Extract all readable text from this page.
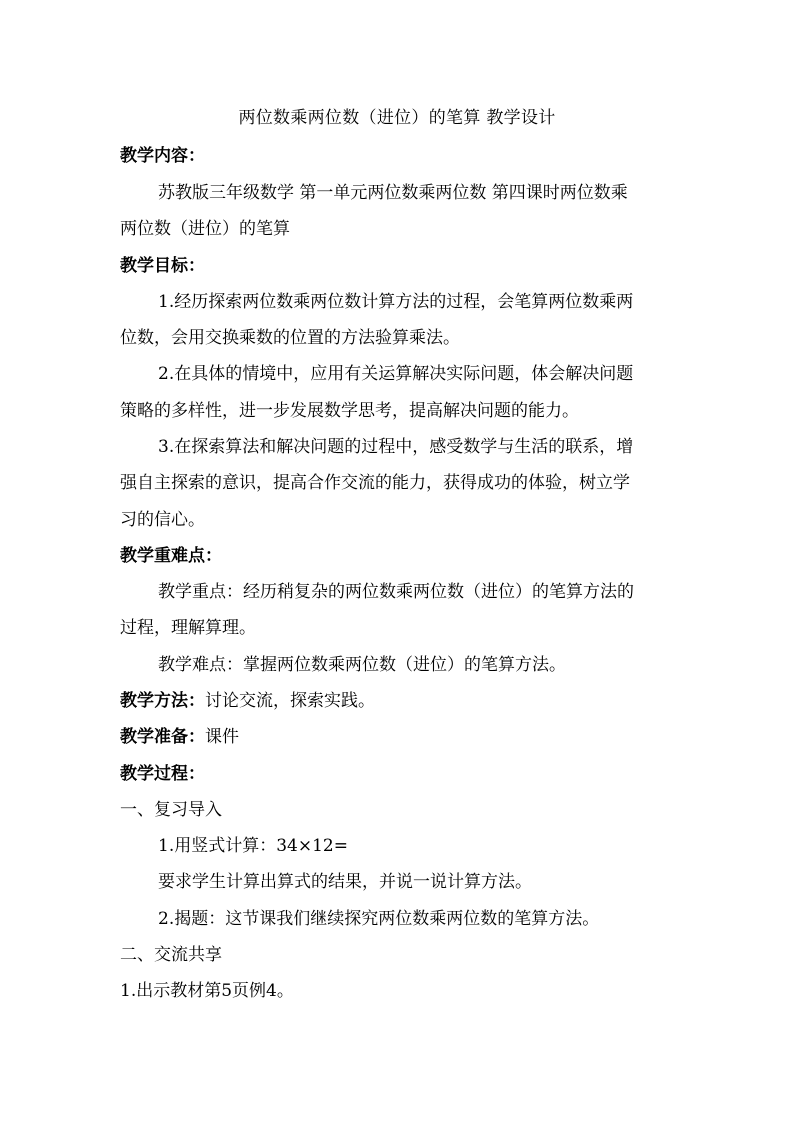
两位数乘两位数（进位）的笔算 教学设计
教学内容：
苏教版三年级数学 第一单元两位数乘两位数 第四课时两位数乘
两位数（进位）的笔算
教学目标：
1.经历探索两位数乘两位数计算方法的过程，会笔算两位数乘两
位数，会用交换乘数的位置的方法验算乘法。
2.在具体的情境中，应用有关运算解决实际问题，体会解决问题
策略的多样性，进一步发展数学思考，提高解决问题的能力。
3.在探索算法和解决问题的过程中，感受数学与生活的联系，增
强自主探索的意识，提高合作交流的能力，获得成功的体验，树立学
习的信心。
教学重难点：
教学重点：经历稍复杂的两位数乘两位数（进位）的笔算方法的
过程，理解算理。
教学难点：掌握两位数乘两位数（进位）的笔算方法。
教学方法：讨论交流，探索实践。
教学准备：课件
教学过程：
一、复习导入
1.用竖式计算：34×12=
要求学生计算出算式的结果，并说一说计算方法。
2.揭题：这节课我们继续探究两位数乘两位数的笔算方法。
二、交流共享
1.出示教材第5页例4。
